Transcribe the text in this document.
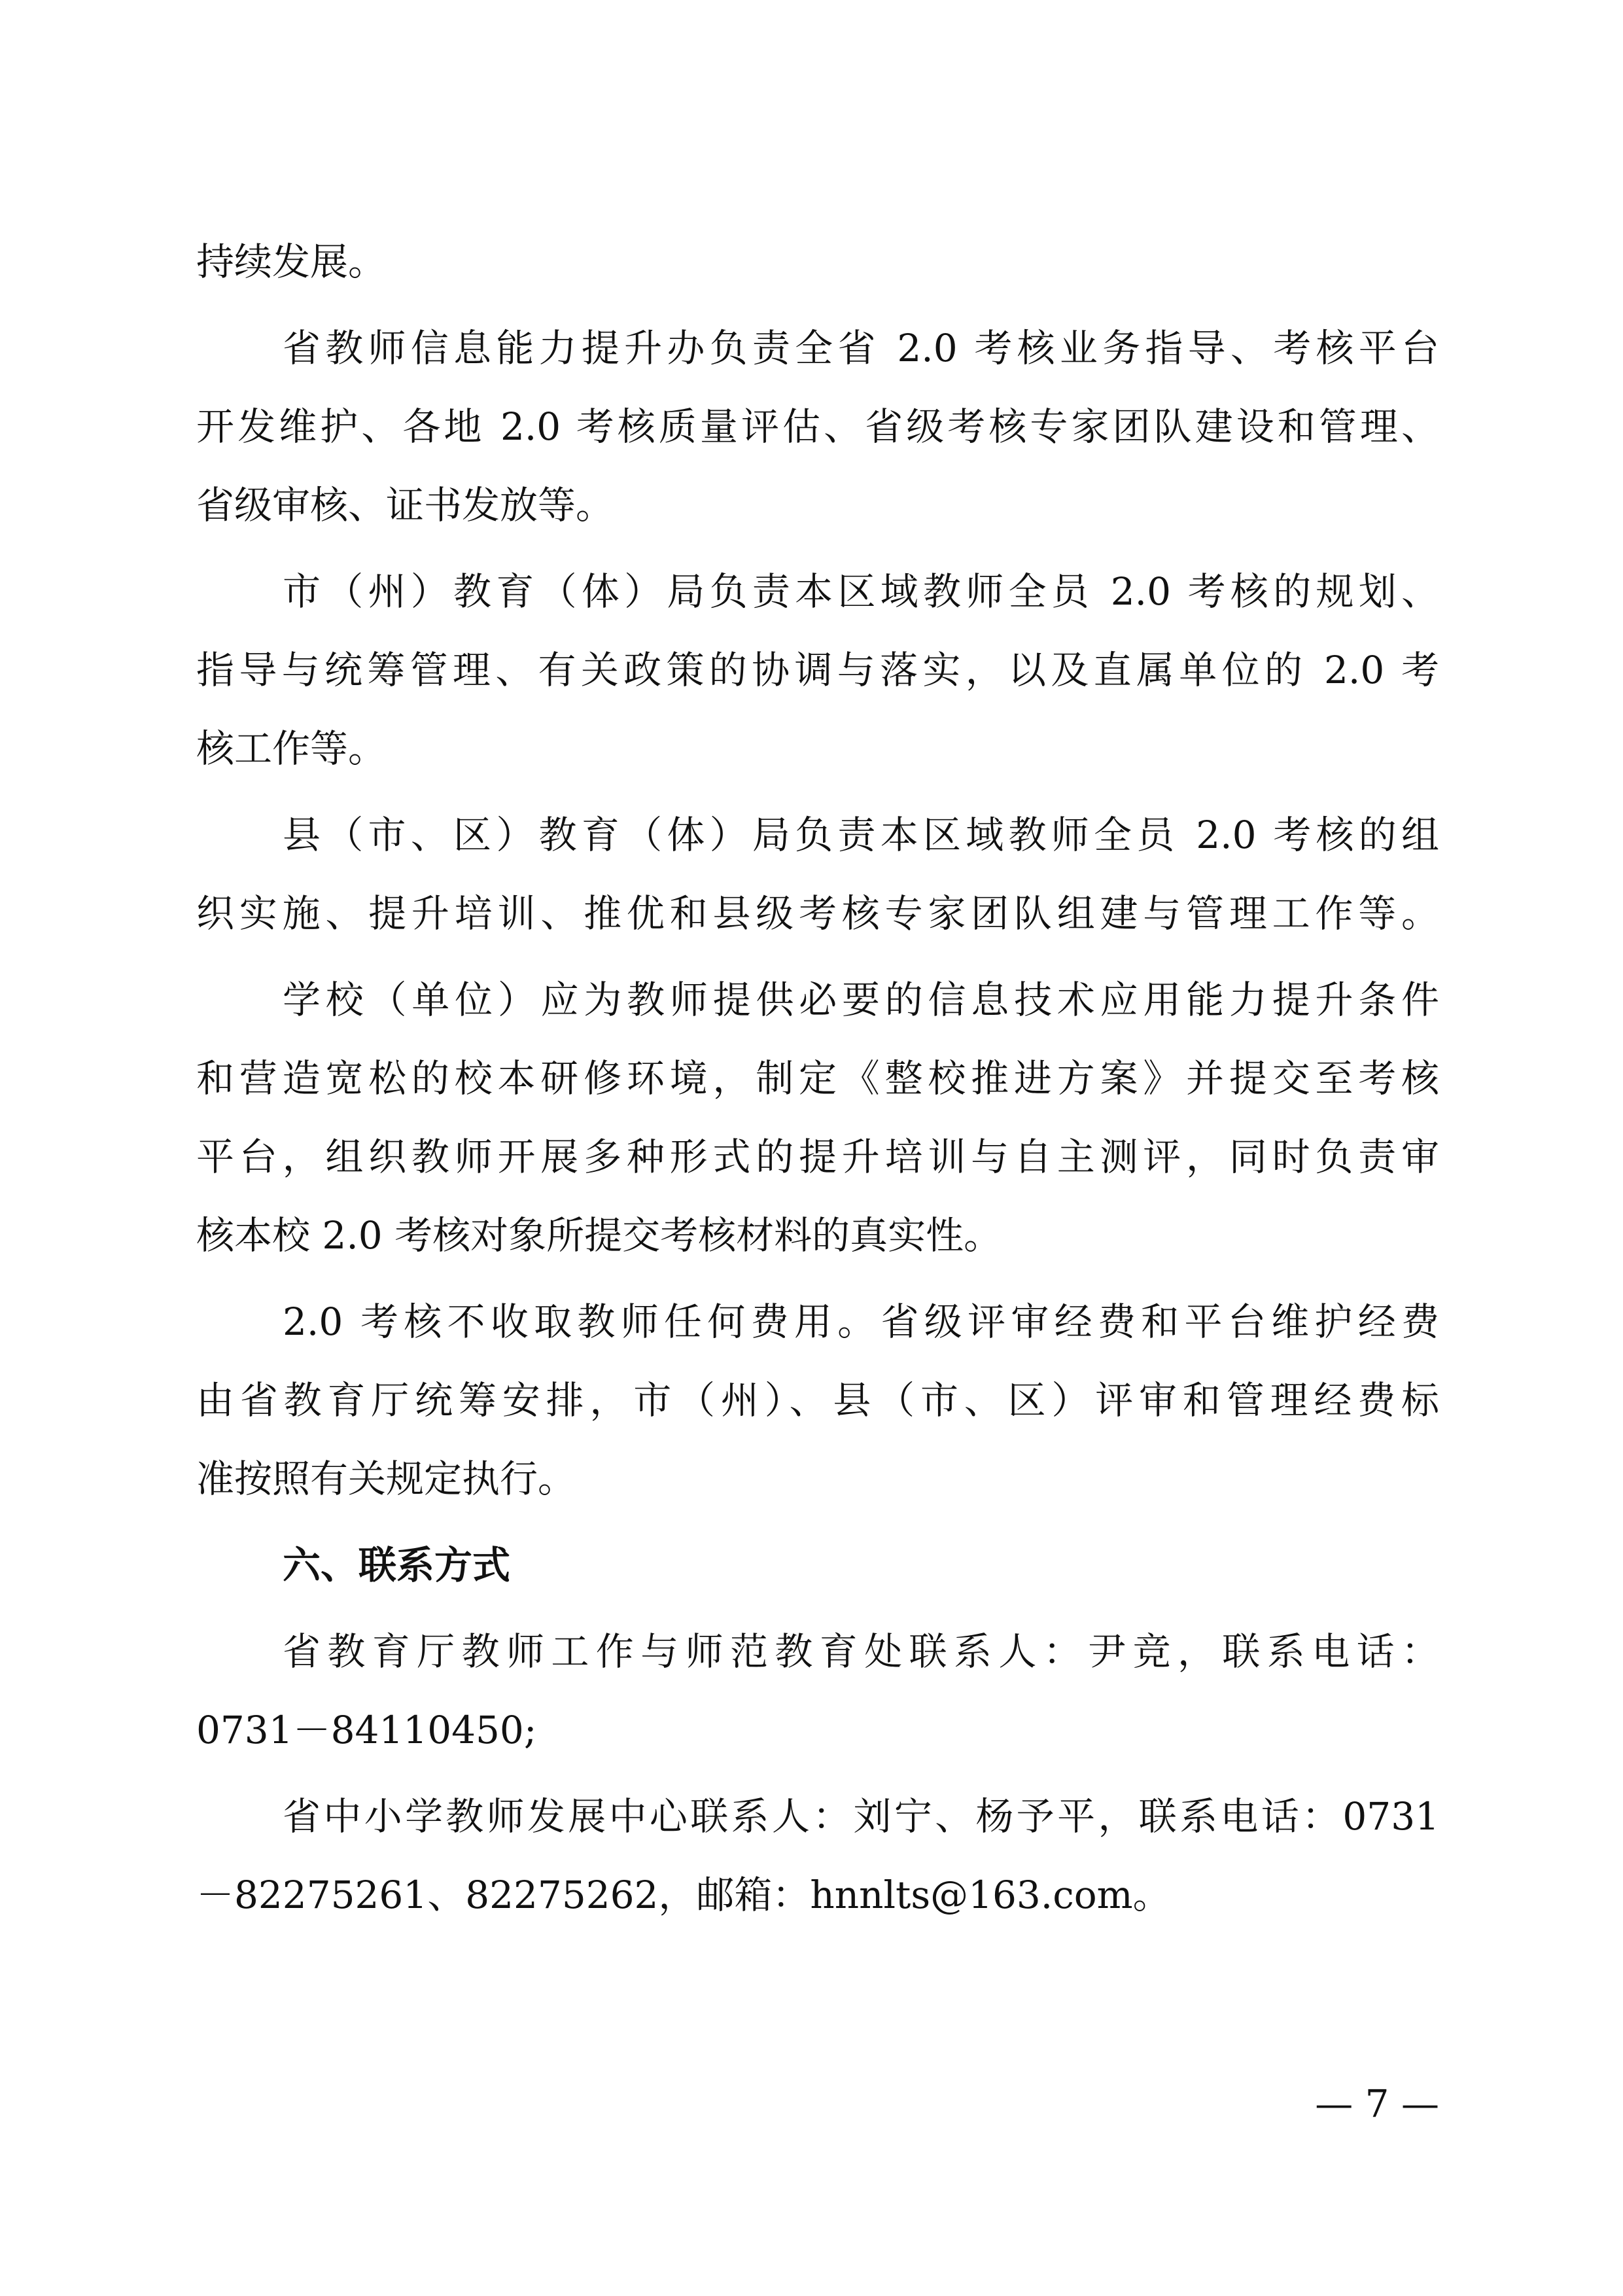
持续发展。
省教师信息能力提升办负责全省 2.0 考核业务指导、考核平台
开发维护、各地 2.0 考核质量评估、省级考核专家团队建设和管理、
省级审核、证书发放等。
市（州）教育（体）局负责本区域教师全员 2.0 考核的规划、
指导与统筹管理、有关政策的协调与落实，以及直属单位的 2.0 考
核工作等。
县（市、区）教育（体）局负责本区域教师全员 2.0 考核的组
织实施、提升培训、推优和县级考核专家团队组建与管理工作等。
学校（单位）应为教师提供必要的信息技术应用能力提升条件
和营造宽松的校本研修环境，制定《整校推进方案》并提交至考核
平台，组织教师开展多种形式的提升培训与自主测评，同时负责审
核本校 2.0 考核对象所提交考核材料的真实性。
2.0 考核不收取教师任何费用。省级评审经费和平台维护经费
由省教育厅统筹安排，市（州）、县（市、区）评审和管理经费标
准按照有关规定执行。
六、联系方式
省教育厅教师工作与师范教育处联系人：尹竞，联系电话：
0731－84110450;
省中小学教师发展中心联系人：刘宁、杨予平，联系电话：0731
－82275261、82275262，邮箱：hnnlts@163.com。
— 7 —
